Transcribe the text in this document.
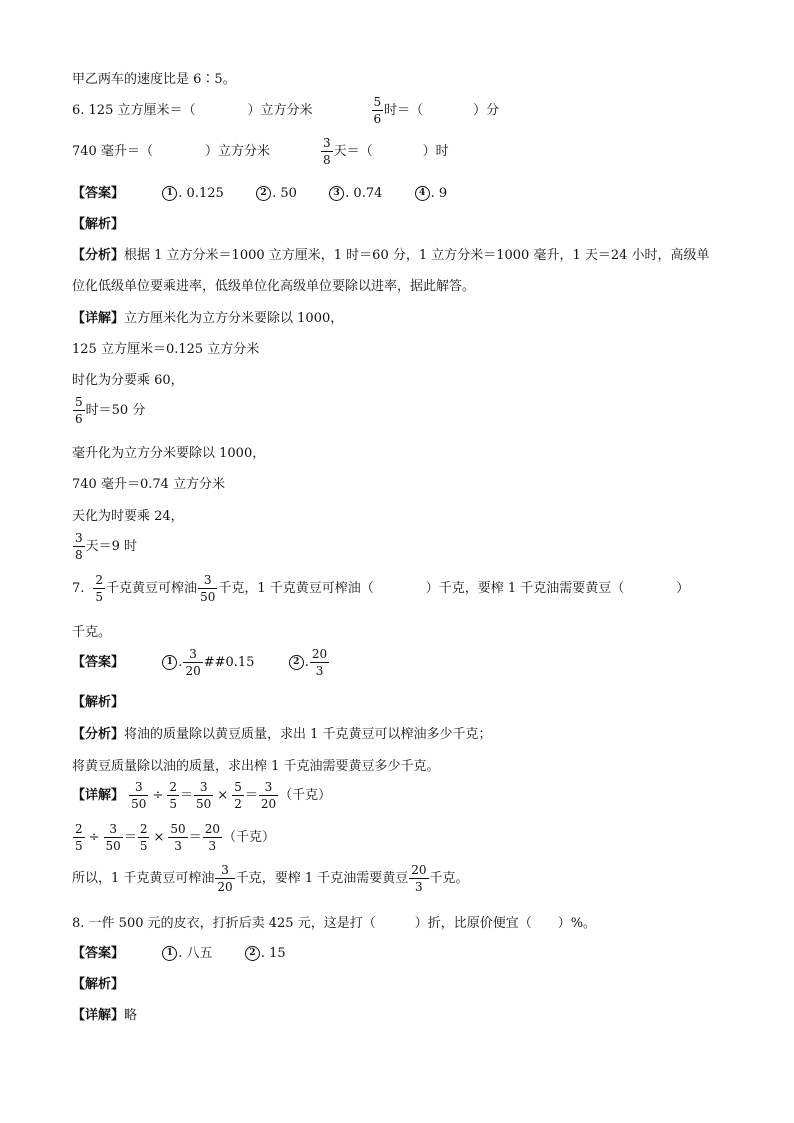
甲乙两车的速度比是 6∶5。
6. 125 立方厘米＝（	）立方分米	$\frac{5}{6}$ 时＝（	）分
740 毫升＝（	）立方分米	$\frac{3}{8}$ 天＝（	）时
【答案】	1 . 0.125	2 . 50	3 . 0.74	4 . 9
【解析】
【分析】根据 1 立方分米＝1000 立方厘米，1 时＝60 分，1 立方分米＝1000 毫升，1 天＝24 小时，高级单
位化低级单位要乘进率，低级单位化高级单位要除以进率，据此解答。
【详解】立方厘米化为立方分米要除以 1000，
125 立方厘米＝0.125 立方分米
时化为分要乘 60，
$\frac{5}{6}$ 时＝50 分
毫升化为立方分米要除以 1000，
740 毫升＝0.74 立方分米
天化为时要乘 24，
$\frac{3}{8}$ 天＝9 时
7. $\frac{2}{5}$ 千克黄豆可榨油 $\frac{3}{50}$ 千克，1 千克黄豆可榨油（	）千克，要榨 1 千克油需要黄豆（	）
千克。
【答案】	1 . $\frac{3}{20}$ ##0.15	2 . $\frac{20}{3}$
【解析】
【分析】将油的质量除以黄豆质量，求出 1 千克黄豆可以榨油多少千克；
将黄豆质量除以油的质量，求出榨 1 千克油需要黄豆多少千克。
【详解】 $\frac{3}{50} \div \frac{2}{5} = \frac{3}{50} \times \frac{5}{2} = \frac{3}{20}$ （千克）
$\frac{2}{5} \div \frac{3}{50} = \frac{2}{5} \times \frac{50}{3} = \frac{20}{3}$ （千克）
所以，1 千克黄豆可榨油 $\frac{3}{20}$ 千克，要榨 1 千克油需要黄豆 $\frac{20}{3}$ 千克。
8. 一件 500 元的皮衣，打折后卖 425 元，这是打（　　　）折，比原价便宜（　　）%。
【答案】	1 . 八五	2 . 15
【解析】
【详解】略
